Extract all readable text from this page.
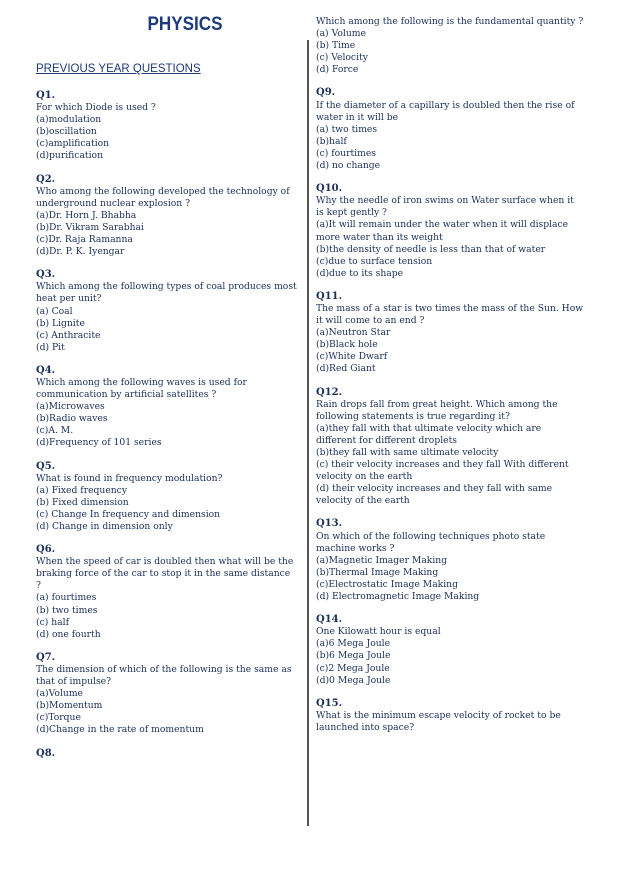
PHYSICS
PREVIOUS YEAR QUESTIONS
Q1.
For which Diode is used ?
(a)modulation
(b)oscillation
(c)amplification
(d)purification
Q2.
Who among the following developed the technology of underground nuclear explosion ?
(a)Dr. Horn J. Bhabha
(b)Dr. Vikram Sarabhai
(c)Dr. Raja Ramanna
(d)Dr. P. K. Iyengar
Q3.
Which among the following types of coal produces most heat per unit?
(a) Coal
(b) Lignite
(c) Anthracite
(d) Pit
Q4.
Which among the following waves is used for communication by artificial satellites ?
(a)Microwaves
(b)Radio waves
(c)A. M.
(d)Frequency of 101 series
Q5.
What is found in frequency modulation?
(a) Fixed frequency
(b) Fixed dimension
(c) Change In frequency and dimension
(d) Change in dimension only
Q6.
When the speed of car is doubled then what will be the braking force of the car to stop it in the same distance ?
(a) fourtimes
(b) two times
(c) half
(d) one fourth
Q7.
The dimension of which of the following is the same as that of impulse?
(a)Volume
(b)Momentum
(c)Torque
(d)Change in the rate of momentum
Q8.
Which among the following is the fundamental quantity ?
(a) Volume
(b) Time
(c) Velocity
(d) Force
Q9.
If the diameter of a capillary is doubled then the rise of water in it will be
(a) two times
(b)half
(c) fourtimes
(d) no change
Q10.
Why the needle of iron swims on Water surface when it is kept gently ?
(a)It will remain under the water when it will displace more water than its weight
(b)the density of needle is less than that of water
(c)due to surface tension
(d)due to its shape
Q11.
The mass of a star is two times the mass of the Sun. How it will come to an end ?
(a)Neutron Star
(b)Black hole
(c)White Dwarf
(d)Red Giant
Q12.
Rain drops fall from great height. Which among the following statements is true regarding it?
(a)they fall with that ultimate velocity which are different for different droplets
(b)they fall with same ultimate velocity
(c) their velocity increases and they fall With different velocity on the earth
(d) their velocity increases and they fall with same velocity of the earth
Q13.
On which of the following techniques photo state machine works ?
(a)Magnetic Imager Making
(b)Thermal Image Making
(c)Electrostatic Image Making
(d) Electromagnetic Image Making
Q14.
One Kilowatt hour is equal
(a)6 Mega Joule
(b)6 Mega Joule
(c)2 Mega Joule
(d)0 Mega Joule
Q15.
What is the minimum escape velocity of rocket to be launched into space?
